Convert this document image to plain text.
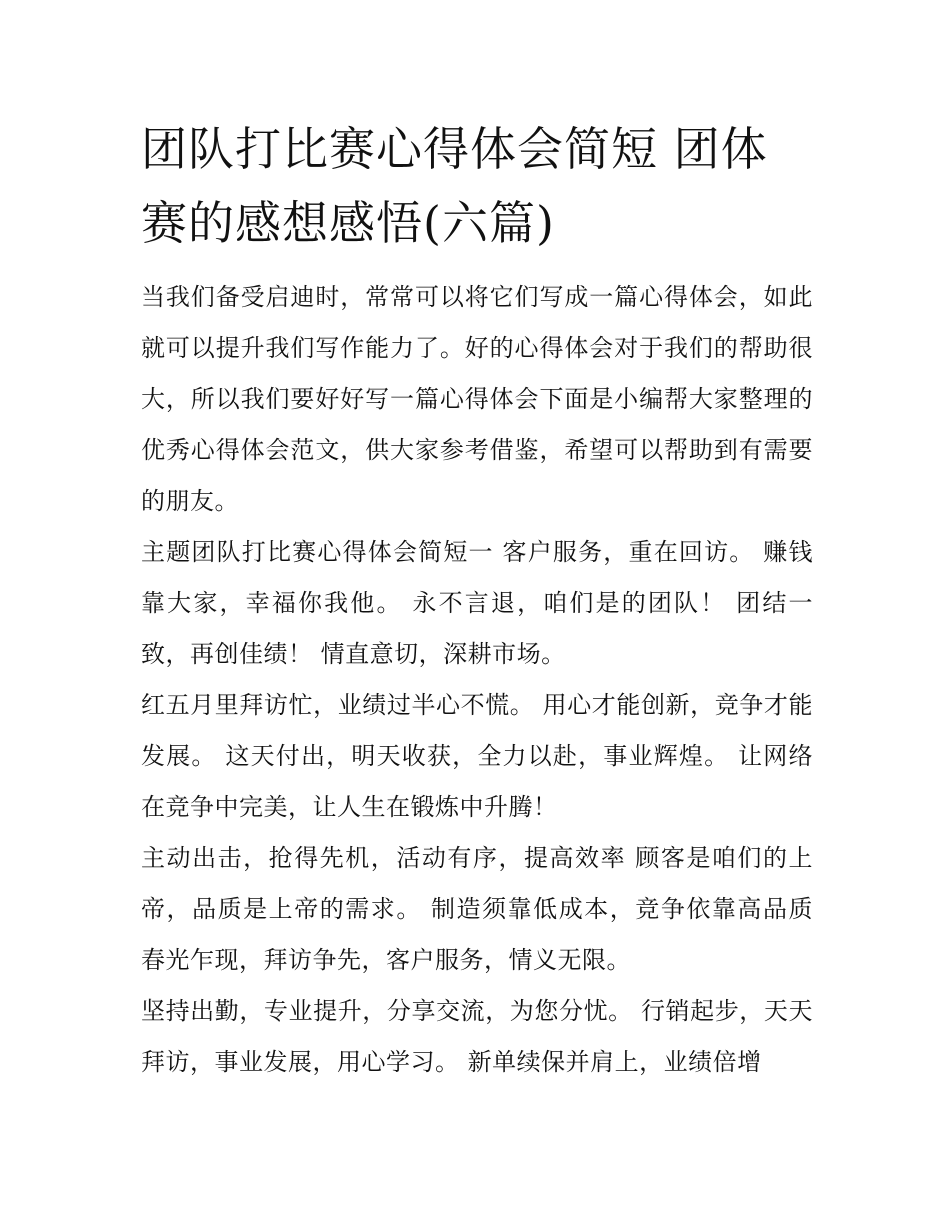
团队打比赛心得体会简短 团体赛的感想感悟(六篇)

当我们备受启迪时，常常可以将它们写成一篇心得体会，如此就可以提升我们写作能力了。好的心得体会对于我们的帮助很大，所以我们要好好写一篇心得体会下面是小编帮大家整理的优秀心得体会范文，供大家参考借鉴，希望可以帮助到有需要的朋友。

主题团队打比赛心得体会简短一 客户服务，重在回访。 赚钱靠大家，幸福你我他。 永不言退，咱们是的团队！ 团结一致，再创佳绩！ 情直意切，深耕市场。

红五月里拜访忙，业绩过半心不慌。 用心才能创新，竞争才能发展。 这天付出，明天收获，全力以赴，事业辉煌。 让网络在竞争中完美，让人生在锻炼中升腾！

主动出击，抢得先机，活动有序，提高效率 顾客是咱们的上帝，品质是上帝的需求。 制造须靠低成本，竞争依靠高品质 春光乍现，拜访争先，客户服务，情义无限。

坚持出勤，专业提升，分享交流，为您分忧。 行销起步，天天拜访，事业发展，用心学习。 新单续保并肩上，业绩倍增
